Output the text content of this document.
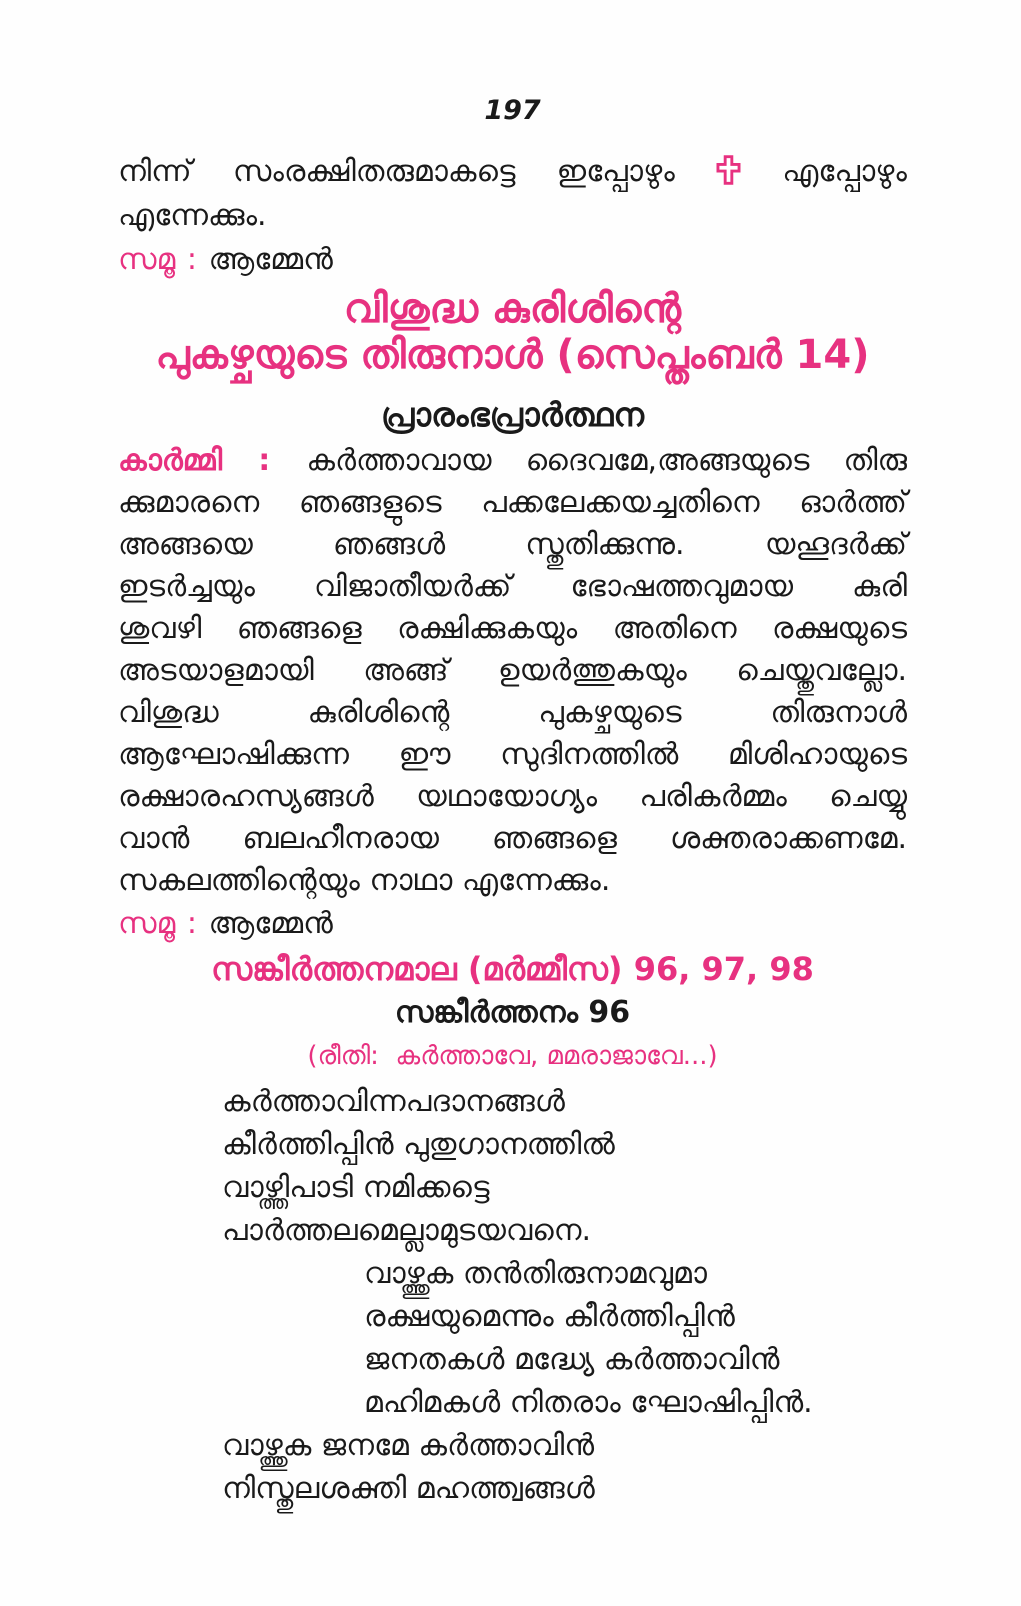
197
നിന്ന് സംരക്ഷിതരുമാകട്ടെ ഇപ്പോഴും	എപ്പോഴും
എന്നേക്കും.
സമൂ : ആമ്മേൻ
വിശുദ്ധ കുരിശിന്റെ
പുകഴ്ചയുടെ തിരുനാൾ (സെപ്തംബർ 14)
പ്രാരംഭപ്രാർത്ഥന
കാർമ്മി : കർത്താവായ ദൈവമേ,അങ്ങയുടെ തിരു
ക്കുമാരനെ ഞങ്ങളുടെ പക്കലേക്കയച്ചതിനെ ഓർത്ത്
അങ്ങയെ ഞങ്ങൾ സ്തുതിക്കുന്നു. യഹൂദർക്ക്
ഇടർച്ചയും വിജാതീയർക്ക് ഭോഷത്തവുമായ കുരി
ശുവഴി ഞങ്ങളെ രക്ഷിക്കുകയും അതിനെ രക്ഷയുടെ
അടയാളമായി അങ്ങ് ഉയർത്തുകയും ചെയ്തുവല്ലോ.
വിശുദ്ധ കുരിശിന്റെ പുകഴ്ചയുടെ തിരുനാൾ
ആഘോഷിക്കുന്ന ഈ സുദിനത്തിൽ മിശിഹായുടെ
രക്ഷാരഹസ്യങ്ങൾ യഥായോഗ്യം പരികർമ്മം ചെയ്യു
വാൻ ബലഹീനരായ ഞങ്ങളെ ശക്തരാക്കണമേ.
സകലത്തിന്റെയും നാഥാ എന്നേക്കും.
സമൂ : ആമ്മേൻ
സങ്കീർത്തനമാല (മർമ്മീസ) 96, 97, 98
സങ്കീർത്തനം 96
(രീതി:  കർത്താവേ, മമരാജാവേ...)
കർത്താവിന്നപദാനങ്ങൾ
കീർത്തിപ്പിൻ പുതുഗാനത്തിൽ
വാഴ്ത്തിപാടി നമിക്കട്ടെ
പാർത്തലമെല്ലാമുടയവനെ.
വാഴ്ത്തുക തൻതിരുനാമവുമാ
രക്ഷയുമെന്നും കീർത്തിപ്പിൻ
ജനതകൾ മദ്ധ്യേ കർത്താവിൻ
മഹിമകൾ നിതരാം ഘോഷിപ്പിൻ.
വാഴ്ത്തുക ജനമേ കർത്താവിൻ
നിസ്തുലശക്തി മഹത്ത്വങ്ങൾ
